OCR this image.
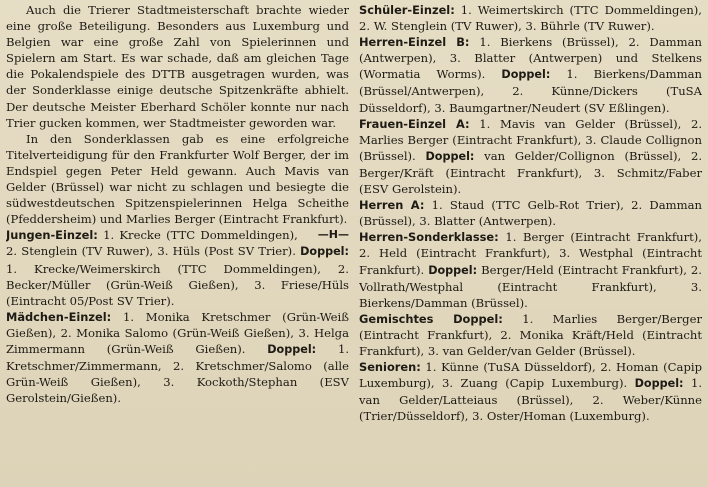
Auch die Trierer Stadtmeisterschaft brachte wieder eine große Beteiligung. Besonders aus Luxemburg und Belgien war eine große Zahl von Spielerinnen und Spielern am Start. Es war schade, daß am gleichen Tage die Pokalendspiele des DTTB ausgetragen wurden, was der Sonderklasse einige deutsche Spitzenkräfte abhielt. Der deutsche Meister Eberhard Schöler konnte nur nach Trier gucken kommen, wer Stadtmeister geworden war.

In den Sonderklassen gab es eine erfolgreiche Titelverteidigung für den Frankfurter Wolf Berger, der im Endspiel gegen Peter Held gewann. Auch Mavis van Gelder (Brüssel) war nicht zu schlagen und besiegte die südwestdeutschen Spitzenspielerinnen Helga Scheithe (Pfeddersheim) und Marlies Berger (Eintracht Frankfurt).
—H—

Jungen-Einzel: 1. Krecke (TTC Dommeldingen), 2. Stenglein (TV Ruwer), 3. Hüls (Post SV Trier). Doppel: 1. Krecke/Weimerskirch (TTC Dommeldingen), 2. Becker/Müller (Grün-Weiß Gießen), 3. Friese/Hüls (Eintracht 05/Post SV Trier).

Mädchen-Einzel: 1. Monika Kretschmer (Grün-Weiß Gießen), 2. Monika Salomo (Grün-Weiß Gießen), 3. Helga Zimmermann (Grün-Weiß Gießen). Doppel: 1. Kretschmer/Zimmermann, 2. Kretschmer/Salomo (alle Grün-Weiß Gießen), 3. Kockoth/Stephan (ESV Gerolstein/Gießen).

Schüler-Einzel: 1. Weimertskirch (TTC Dommeldingen), 2. W. Stenglein (TV Ruwer), 3. Bührle (TV Ruwer).

Herren-Einzel B: 1. Bierkens (Brüssel), 2. Damman (Antwerpen), 3. Blatter (Antwerpen) und Stelkens (Wormatia Worms). Doppel: 1. Bierkens/Damman (Brüssel/Antwerpen), 2. Künne/Dickers (TuSA Düsseldorf), 3. Baumgartner/Neudert (SV Eßlingen).

Frauen-Einzel A: 1. Mavis van Gelder (Brüssel), 2. Marlies Berger (Eintracht Frankfurt), 3. Claude Collignon (Brüssel). Doppel: van Gelder/Collignon (Brüssel), 2. Berger/Kräft (Eintracht Frankfurt), 3. Schmitz/Faber (ESV Gerolstein).

Herren A: 1. Staud (TTC Gelb-Rot Trier), 2. Damman (Brüssel), 3. Blatter (Antwerpen).

Herren-Sonderklasse: 1. Berger (Eintracht Frankfurt), 2. Held (Eintracht Frankfurt), 3. Westphal (Eintracht Frankfurt). Doppel: Berger/Held (Eintracht Frankfurt), 2. Vollrath/Westphal (Eintracht Frankfurt), 3. Bierkens/Damman (Brüssel).

Gemischtes Doppel: 1. Marlies Berger/Berger (Eintracht Frankfurt), 2. Monika Kräft/Held (Eintracht Frankfurt), 3. van Gelder/van Gelder (Brüssel).

Senioren: 1. Künne (TuSA Düsseldorf), 2. Homan (Capip Luxemburg), 3. Zuang (Capip Luxemburg). Doppel: 1. van Gelder/Latteiaus (Brüssel), 2. Weber/Künne (Trier/Düsseldorf), 3. Oster/Homan (Luxemburg).
